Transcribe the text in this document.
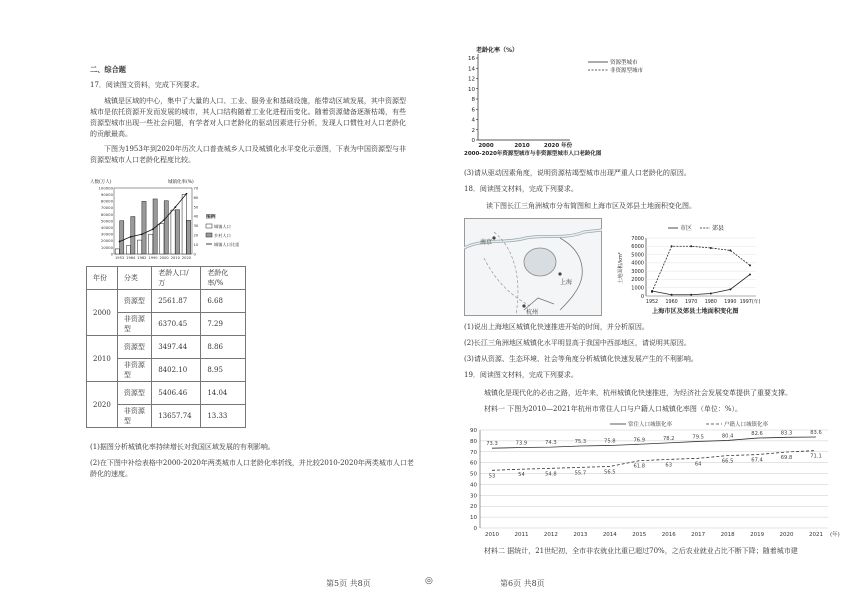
二、综合题
17．阅读图文资料，完成下列要求。
城镇是区域的中心，集中了大量的人口、工业、服务业和基础设施，能带动区域发展，其中资源型城市是依托资源开发而发展的城市，其人口结构随着工业化进程而变化。随着资源储备逐渐枯竭，有些资源型城市出现一些社会问题，有学者对人口老龄化的驱动因素进行分析，发现人口惯性对人口老龄化的贡献最高。
下图为1953年到2020年历次人口普查城乡人口及城镇化水平变化示意图，下表为中国资源型与非资源型城市人口老龄化程度比较。
人数(万人)	城镇化率(%)
100000
90000
80000
70000
60000
50000
40000
30000
20000
10000
0
70
60
50
40
30
20
10
0
1953 1964 1982 1990 2000 2010 2020
图例
城镇人口
乡村人口
城镇人口比重
年份	分类	老龄人口/万	老龄化率/%
2000	资源型	2561.87	6.68
	非资源型	6370.45	7.29
2010	资源型	3497.44	8.86
	非资源型	8402.10	8.95
2020	资源型	5406.46	14.04
	非资源型	13657.74	13.33
(1)据图分析城镇化率持续增长对我国区域发展的有利影响。
(2)在下图中补绘表格中2000-2020年两类城市人口老龄化率折线，并比较2010-2020年两类城市人口老龄化的速度。
第5页 共8页	◎
老龄化率（%）
16
14
12
10
8
6
4
2
0
2000	2010	2020 年份
2000-2020年资源型城市与非资源型城市人口老龄化图
资源型城市
非资源型城市
(3)请从驱动因素角度，说明资源枯竭型城市出现严重人口老龄化的原因。
18．阅读图文材料，完成下列要求。
读下图长江三角洲城市分布简图和上海市区及郊县土地面积变化图。
南京
上海
杭州
土地面积/km²
7000
6000
5000
4000
3000
2000
1000
0
1952 1960 1970 1980 1990 1997(年)
上海市区及郊县土地面积变化图
市区	郊县
(1)说出上海地区城镇化快速推进开始的时间，并分析原因。
(2)长江三角洲地区城镇化水平明显高于我国中西部地区，请说明其原因。
(3)请从资源、生态环境、社会等角度分析城镇化快速发展产生的不利影响。
19．阅读图文材料，完成下列要求。
城镇化是现代化的必由之路，近年来，杭州城镇化快速推进，为经济社会发展变革提供了重要支撑。
材料一 下图为2010—2021年杭州市常住人口与户籍人口城镇化率图（单位：%）。
90
80
70
60
50
40
30
20
10
0
2010	2011	2012	2013	2014	2015	2016	2017	2018	2019	2020	2021 (年)
73.3	73.9	74.3	75.3	75.8	76.9	78.2	79.5	80.4	82.6	83.3	83.6
53	54	54.8	55.7	56.5
61.8	63	64	66.5	67.4	69.8	71.1
常住人口城镇化率	户籍人口城镇化率
材料二 据统计，21世纪初，全市非农就业比重已超过70%，之后农业就业占比不断下降；随着城市建
第6页 共8页
